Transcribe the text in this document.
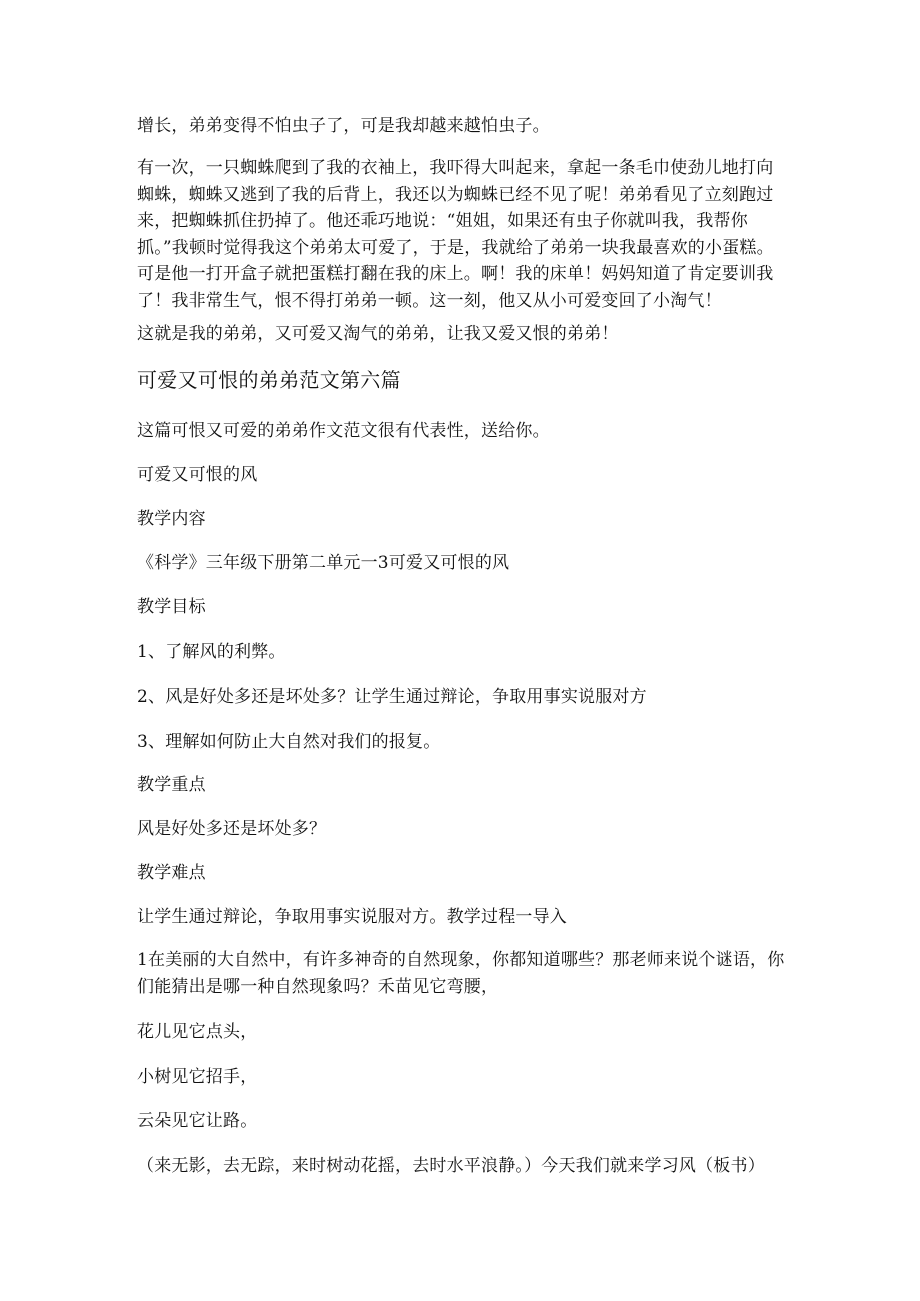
增长，弟弟变得不怕虫子了，可是我却越来越怕虫子。

有一次，一只蜘蛛爬到了我的衣袖上，我吓得大叫起来，拿起一条毛巾使劲儿地打向蜘蛛，蜘蛛又逃到了我的后背上，我还以为蜘蛛已经不见了呢！弟弟看见了立刻跑过来，把蜘蛛抓住扔掉了。他还乖巧地说：“姐姐，如果还有虫子你就叫我，我帮你抓。”我顿时觉得我这个弟弟太可爱了，于是，我就给了弟弟一块我最喜欢的小蛋糕。可是他一打开盒子就把蛋糕打翻在我的床上。啊！我的床单！妈妈知道了肯定要训我了！我非常生气，恨不得打弟弟一顿。这一刻，他又从小可爱变回了小淘气！

这就是我的弟弟，又可爱又淘气的弟弟，让我又爱又恨的弟弟！

可爱又可恨的弟弟范文第六篇

这篇可恨又可爱的弟弟作文范文很有代表性，送给你。

可爱又可恨的风

教学内容

《科学》三年级下册第二单元一3可爱又可恨的风

教学目标

1、了解风的利弊。

2、风是好处多还是坏处多？让学生通过辩论，争取用事实说服对方

3、理解如何防止大自然对我们的报复。

教学重点

风是好处多还是坏处多？

教学难点

让学生通过辩论，争取用事实说服对方。教学过程一导入

1在美丽的大自然中，有许多神奇的自然现象，你都知道哪些？那老师来说个谜语，你们能猜出是哪一种自然现象吗？禾苗见它弯腰，

花儿见它点头，

小树见它招手，

云朵见它让路。

（来无影，去无踪，来时树动花摇，去时水平浪静。）今天我们就来学习风（板书）
